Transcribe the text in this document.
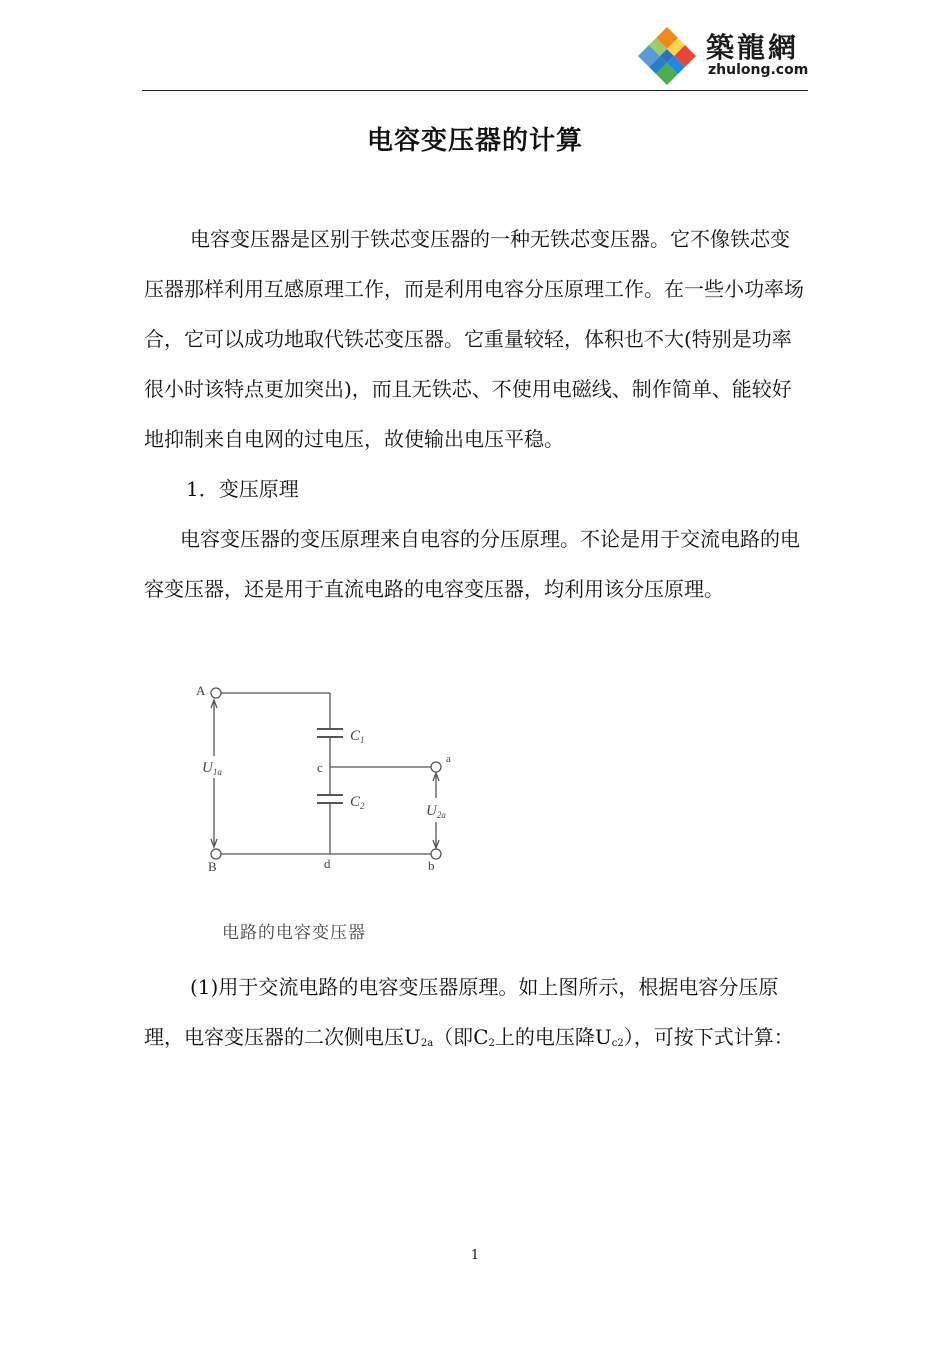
築龍網
zhulong.com
电容变压器的计算

电容变压器是区别于铁芯变压器的一种无铁芯变压器。它不像铁芯变压器那样利用互感原理工作，而是利用电容分压原理工作。在一些小功率场合，它可以成功地取代铁芯变压器。它重量较轻，体积也不大(特别是功率很小时该特点更加突出)，而且无铁芯、不使用电磁线、制作简单、能较好地抑制来自电网的过电压，故使输出电压平稳。

1．变压原理

电容变压器的变压原理来自电容的分压原理。不论是用于交流电路的电容变压器，还是用于直流电路的电容变压器，均利用该分压原理。

A
B
a
b
c
d
$C_1$
$C_2$
$U_{1a}$
$U_{2a}$
电路的电容变压器

(1)用于交流电路的电容变压器原理。如上图所示，根据电容分压原理，电容变压器的二次侧电压$U_{2a}$（即$C_2$上的电压降$U_{c2}$），可按下式计算：

1
